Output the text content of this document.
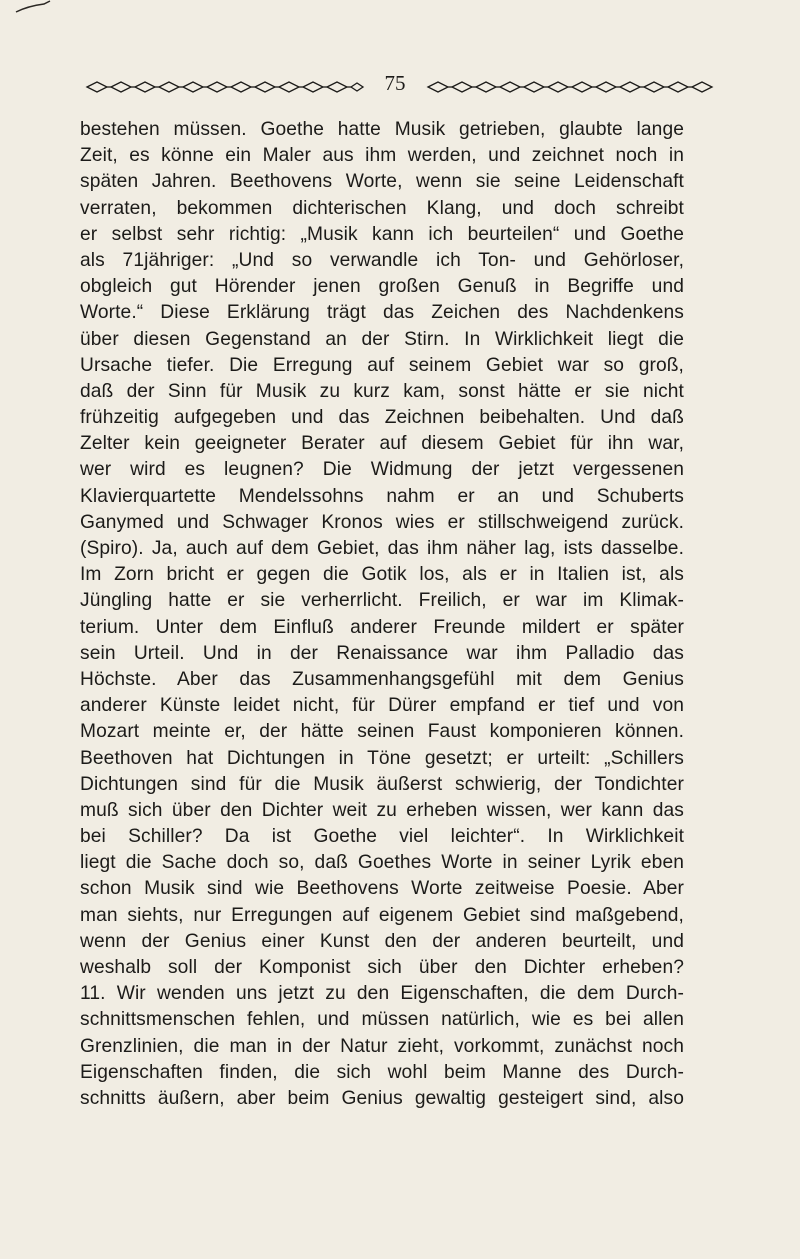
75
bestehen müssen. Goethe hatte Musik getrieben, glaubte lange
Zeit, es könne ein Maler aus ihm werden, und zeichnet noch in
späten Jahren. Beethovens Worte, wenn sie seine Leidenschaft
verraten, bekommen dichterischen Klang, und doch schreibt
er selbst sehr richtig: „Musik kann ich beurteilen“ und Goethe
als 71jähriger: „Und so verwandle ich Ton- und Gehörloser,
obgleich gut Hörender jenen großen Genuß in Begriffe und
Worte.“ Diese Erklärung trägt das Zeichen des Nachdenkens
über diesen Gegenstand an der Stirn. In Wirklichkeit liegt die
Ursache tiefer. Die Erregung auf seinem Gebiet war so groß,
daß der Sinn für Musik zu kurz kam, sonst hätte er sie nicht
frühzeitig aufgegeben und das Zeichnen beibehalten. Und daß
Zelter kein geeigneter Berater auf diesem Gebiet für ihn war,
wer wird es leugnen? Die Widmung der jetzt vergessenen
Klavierquartette Mendelssohns nahm er an und Schuberts
Ganymed und Schwager Kronos wies er stillschweigend zurück.
(Spiro). Ja, auch auf dem Gebiet, das ihm näher lag, ists dasselbe.
Im Zorn bricht er gegen die Gotik los, als er in Italien ist, als
Jüngling hatte er sie verherrlicht. Freilich, er war im Klimak-
terium. Unter dem Einfluß anderer Freunde mildert er später
sein Urteil. Und in der Renaissance war ihm Palladio das
Höchste. Aber das Zusammenhangsgefühl mit dem Genius
anderer Künste leidet nicht, für Dürer empfand er tief und von
Mozart meinte er, der hätte seinen Faust komponieren können.
Beethoven hat Dichtungen in Töne gesetzt; er urteilt: „Schillers
Dichtungen sind für die Musik äußerst schwierig, der Tondichter
muß sich über den Dichter weit zu erheben wissen, wer kann das
bei Schiller? Da ist Goethe viel leichter“. In Wirklichkeit
liegt die Sache doch so, daß Goethes Worte in seiner Lyrik eben
schon Musik sind wie Beethovens Worte zeitweise Poesie. Aber
man siehts, nur Erregungen auf eigenem Gebiet sind maßgebend,
wenn der Genius einer Kunst den der anderen beurteilt, und
weshalb soll der Komponist sich über den Dichter erheben?
11. Wir wenden uns jetzt zu den Eigenschaften, die dem Durch-
schnittsmenschen fehlen, und müssen natürlich, wie es bei allen
Grenzlinien, die man in der Natur zieht, vorkommt, zunächst noch
Eigenschaften finden, die sich wohl beim Manne des Durch-
schnitts äußern, aber beim Genius gewaltig gesteigert sind, also
